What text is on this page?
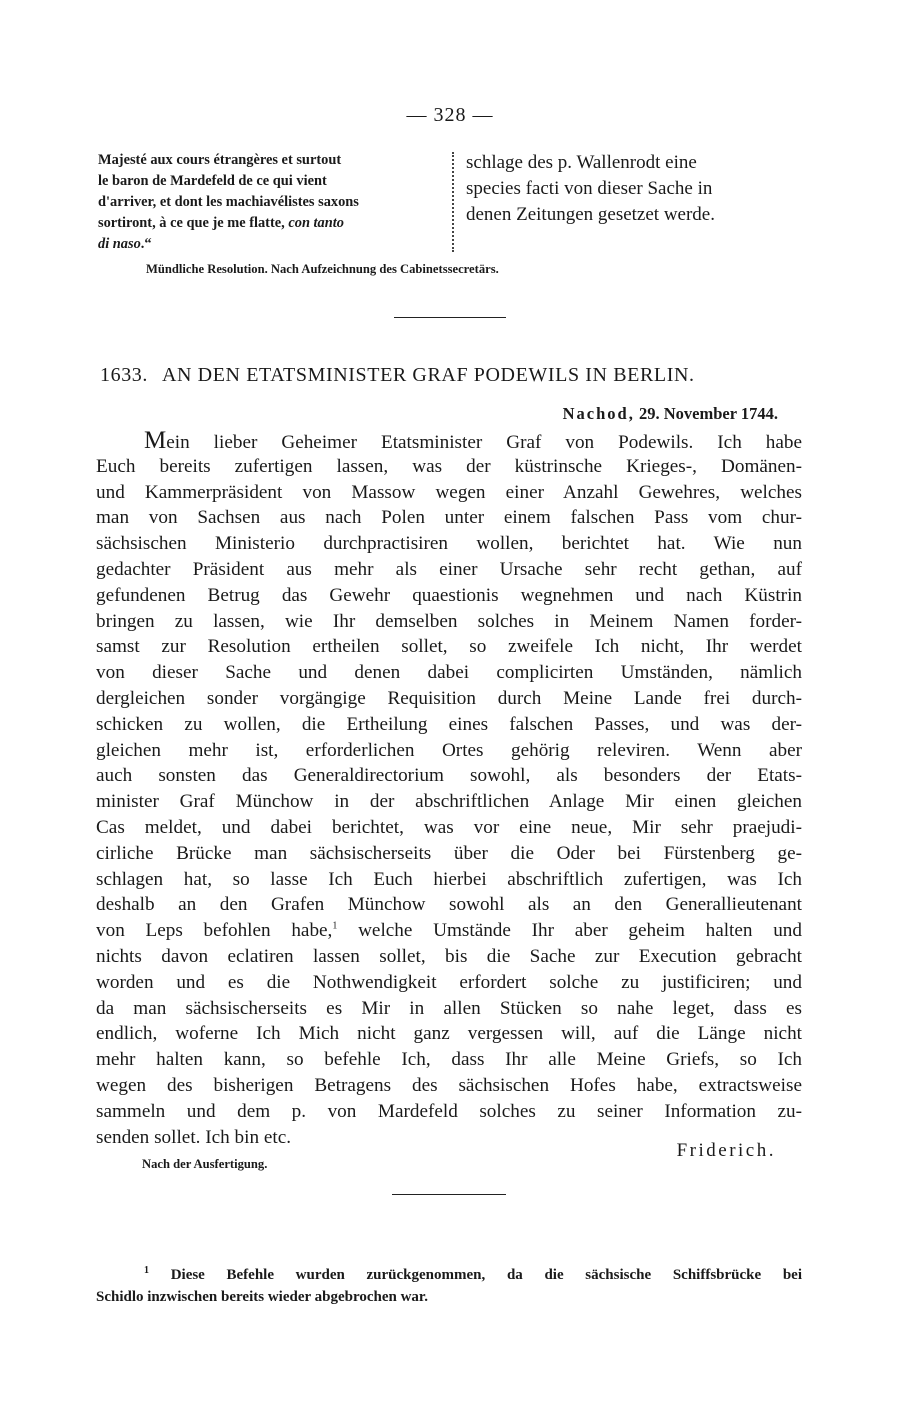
— 328 —
Majesté aux cours étrangères et surtout
le baron de Mardefeld de ce qui vient
d'arriver, et dont les machiavélistes saxons
sortiront, à ce que je me flatte, con tanto
di naso.“
schlage des p. Wallenrodt eine
species facti von dieser Sache in
denen Zeitungen gesetzet werde.
Mündliche Resolution. Nach Aufzeichnung des Cabinetssecretärs.
1633. AN DEN ETATSMINISTER GRAF PODEWILS IN BERLIN.
Nachod, 29. November 1744.
Mein lieber Geheimer Etatsminister Graf von Podewils. Ich habe
Euch bereits zufertigen lassen, was der küstrinsche Krieges-, Domänen-
und Kammerpräsident von Massow wegen einer Anzahl Gewehres, welches
man von Sachsen aus nach Polen unter einem falschen Pass vom chur-
sächsischen Ministerio durchpractisiren wollen, berichtet hat. Wie nun
gedachter Präsident aus mehr als einer Ursache sehr recht gethan, auf
gefundenen Betrug das Gewehr quaestionis wegnehmen und nach Küstrin
bringen zu lassen, wie Ihr demselben solches in Meinem Namen forder-
samst zur Resolution ertheilen sollet, so zweifele Ich nicht, Ihr werdet
von dieser Sache und denen dabei complicirten Umständen, nämlich
dergleichen sonder vorgängige Requisition durch Meine Lande frei durch-
schicken zu wollen, die Ertheilung eines falschen Passes, und was der-
gleichen mehr ist, erforderlichen Ortes gehörig releviren. Wenn aber
auch sonsten das Generaldirectorium sowohl, als besonders der Etats-
minister Graf Münchow in der abschriftlichen Anlage Mir einen gleichen
Cas meldet, und dabei berichtet, was vor eine neue, Mir sehr praejudi-
cirliche Brücke man sächsischerseits über die Oder bei Fürstenberg ge-
schlagen hat, so lasse Ich Euch hierbei abschriftlich zufertigen, was Ich
deshalb an den Grafen Münchow sowohl als an den Generallieutenant
von Leps befohlen habe,$^1$ welche Umstände Ihr aber geheim halten und
nichts davon eclatiren lassen sollet, bis die Sache zur Execution gebracht
worden und es die Nothwendigkeit erfordert solche zu justificiren; und
da man sächsischerseits es Mir in allen Stücken so nahe leget, dass es
endlich, woferne Ich Mich nicht ganz vergessen will, auf die Länge nicht
mehr halten kann, so befehle Ich, dass Ihr alle Meine Griefs, so Ich
wegen des bisherigen Betragens des sächsischen Hofes habe, extractsweise
sammeln und dem p. von Mardefeld solches zu seiner Information zu-
senden sollet. Ich bin etc.
Friderich.
Nach der Ausfertigung.
$^1$ Diese Befehle wurden zurückgenommen, da die sächsische Schiffsbrücke bei
Schidlo inzwischen bereits wieder abgebrochen war.
